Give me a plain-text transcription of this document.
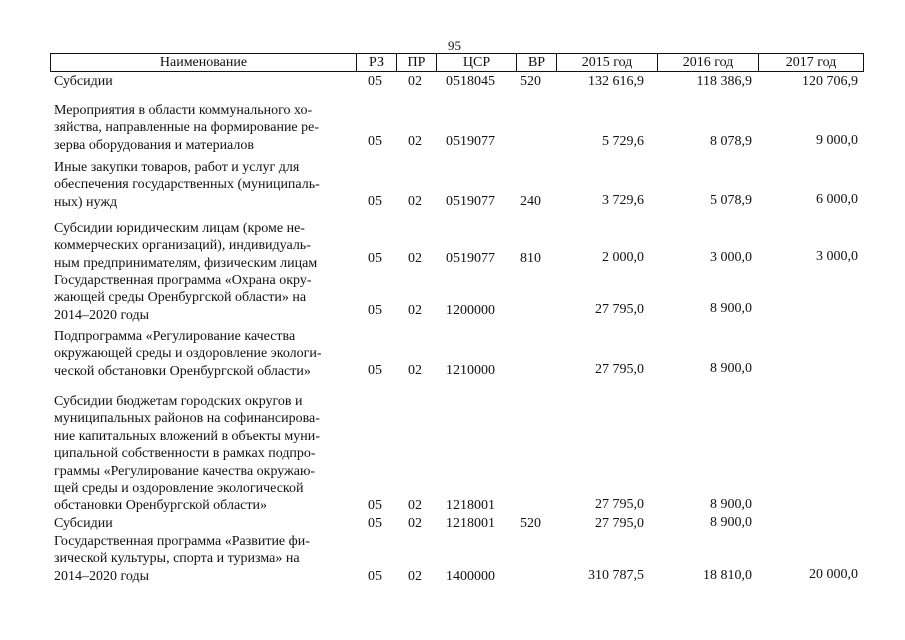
95
Наименование	РЗ	ПР	ЦСР	ВР	2015 год	2016 год	2017 год
Субсидии	05 02 0518045 520	132 616,9	118 386,9	120 706,9
Мероприятия в области коммунального хо-
зяйства, направленные на формирование ре-
зерва оборудования и материалов	05 02 0519077	5 729,6	8 078,9	9 000,0
Иные закупки товаров, работ и услуг для
обеспечения государственных (муниципаль-
ных) нужд	05 02 0519077 240	3 729,6	5 078,9	6 000,0
Субсидии юридическим лицам (кроме не-
коммерческих организаций), индивидуаль-
ным предпринимателям, физическим лицам	05 02 0519077 810	2 000,0	3 000,0	3 000,0
Государственная программа «Охрана окру-
жающей среды Оренбургской области» на
2014–2020 годы	05 02 1200000	27 795,0	8 900,0
Подпрограмма «Регулирование качества
окружающей среды и оздоровление экологи-
ческой обстановки Оренбургской области»	05 02 1210000	27 795,0	8 900,0
Субсидии бюджетам городских округов и
муниципальных районов на софинансирова-
ние капитальных вложений в объекты муни-
ципальной собственности в рамках подпро-
граммы «Регулирование качества окружаю-
щей среды и оздоровление экологической
обстановки Оренбургской области»	05 02 1218001	27 795,0	8 900,0
Субсидии	05 02 1218001 520	27 795,0	8 900,0
Государственная программа «Развитие фи-
зической культуры, спорта и туризма» на
2014–2020 годы	05 02 1400000	310 787,5	18 810,0	20 000,0
